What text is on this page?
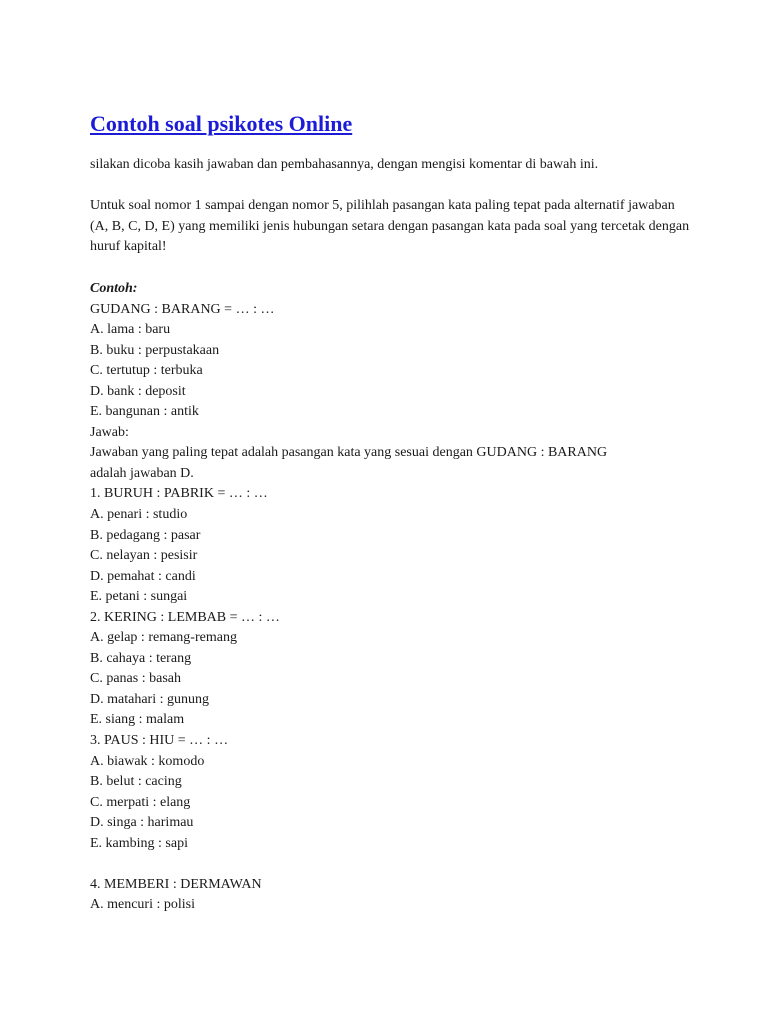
Contoh soal psikotes Online

silakan dicoba kasih jawaban dan pembahasannya, dengan mengisi komentar di bawah ini.

Untuk soal nomor 1 sampai dengan nomor 5, pilihlah pasangan kata paling tepat pada alternatif jawaban (A, B, C, D, E) yang memiliki jenis hubungan setara dengan pasangan kata pada soal yang tercetak dengan huruf kapital!

Contoh:
GUDANG : BARANG = … : …
A. lama : baru
B. buku : perpustakaan
C. tertutup : terbuka
D. bank : deposit
E. bangunan : antik
Jawab:
Jawaban yang paling tepat adalah pasangan kata yang sesuai dengan GUDANG : BARANG
adalah jawaban D.
1. BURUH : PABRIK = … : …
A. penari : studio
B. pedagang : pasar
C. nelayan : pesisir
D. pemahat : candi
E. petani : sungai
2. KERING : LEMBAB = … : …
A. gelap : remang-remang
B. cahaya : terang
C. panas : basah
D. matahari : gunung
E. siang : malam
3. PAUS : HIU = … : …
A. biawak : komodo
B. belut : cacing
C. merpati : elang
D. singa : harimau
E. kambing : sapi
4. MEMBERI : DERMAWAN
A. mencuri : polisi
